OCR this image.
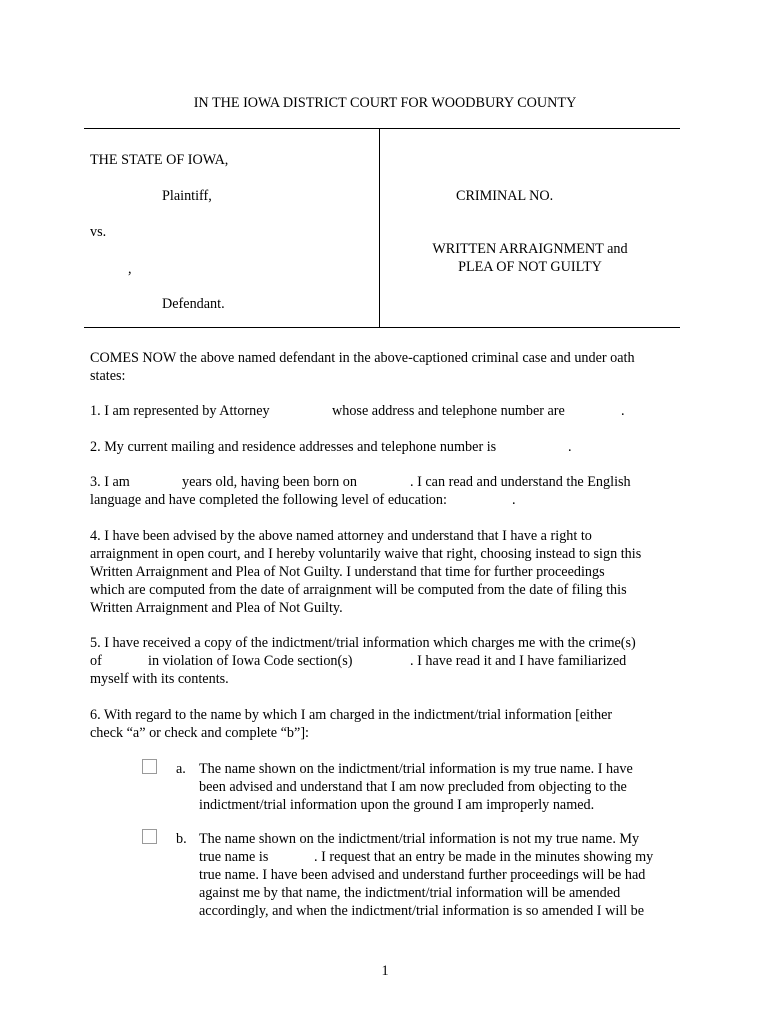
IN THE IOWA DISTRICT COURT FOR WOODBURY COUNTY
THE STATE OF IOWA,
Plaintiff,
vs.
,
Defendant.
CRIMINAL NO.
WRITTEN ARRAIGNMENT and
PLEA OF NOT GUILTY
COMES NOW the above named defendant in the above-captioned criminal case and under oath
states:
1. I am represented by Attorney	whose address and telephone number are	.
2. My current mailing and residence addresses and telephone number is	.
3. I am	years old, having been born on	. I can read and understand the English
language and have completed the following level of education:	.
4. I have been advised by the above named attorney and understand that I have a right to
arraignment in open court, and I hereby voluntarily waive that right, choosing instead to sign this
Written Arraignment and Plea of Not Guilty. I understand that time for further proceedings
which are computed from the date of arraignment will be computed from the date of filing this
Written Arraignment and Plea of Not Guilty.
5. I have received a copy of the indictment/trial information which charges me with the crime(s)
of	in violation of Iowa Code section(s)	. I have read it and I have familiarized
myself with its contents.
6. With regard to the name by which I am charged in the indictment/trial information [either
check “a” or check and complete “b”]:
a. The name shown on the indictment/trial information is my true name. I have
been advised and understand that I am now precluded from objecting to the
indictment/trial information upon the ground I am improperly named.
b. The name shown on the indictment/trial information is not my true name. My
true name is	. I request that an entry be made in the minutes showing my
true name. I have been advised and understand further proceedings will be had
against me by that name, the indictment/trial information will be amended
accordingly, and when the indictment/trial information is so amended I will be
1
